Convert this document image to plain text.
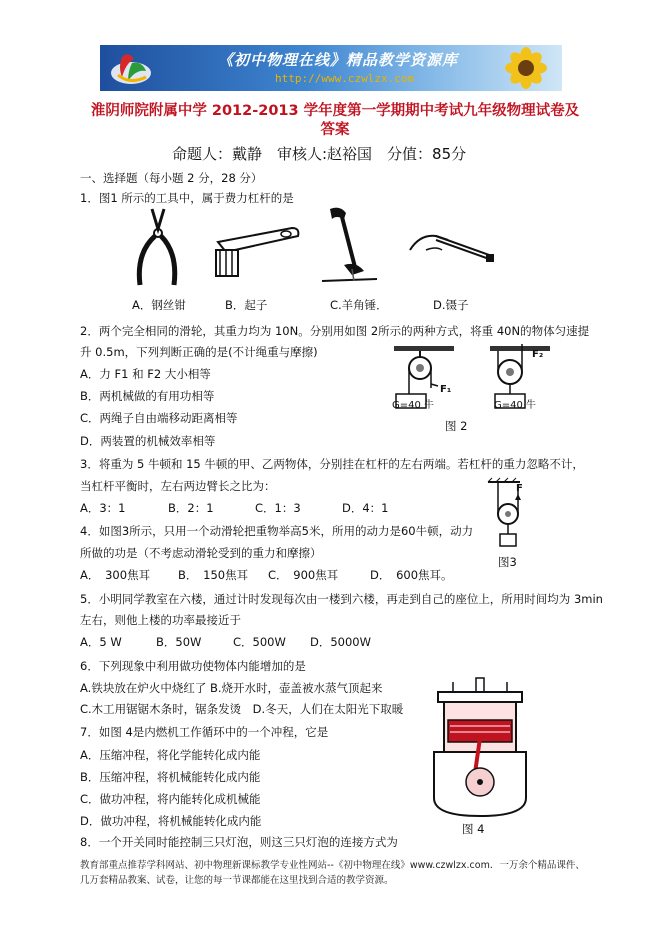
《初中物理在线》精品教学资源库
http://www.czwlzx.com
淮阴师院附属中学 2012-2013 学年度第一学期期中考试九年级物理试卷及
答案
命题人：戴静　审核人:赵裕国　分值：85分
一、选择题（每小题 2 分，28 分）
1．图1 所示的工具中，属于费力杠杆的是
A．钢丝钳	B．起子	C.羊角锤．	D.镊子
2．两个完全相同的滑轮，其重力均为 10N。分别用如图 2所示的两种方式，将重 40N的物体匀速提
升 0.5m，下列判断正确的是(不计绳重与摩擦)
A．力 F1 和 F2 大小相等
B．两机械做的有用功相等
C．两绳子自由端移动距离相等
D．两装置的机械效率相等
G=40 牛	G=40 牛
F₁
F₂
图 2
3．将重为 5 牛顿和 15 牛顿的甲、乙两物体，分别挂在杠杆的左右两端。若杠杆的重力忽略不计，
当杠杆平衡时，左右两边臂长之比为：
A．3：1	B．2：1	C．1：3	D．4：1
F
图3
4．如图3所示，只用一个动滑轮把重物举高5米，所用的动力是60牛顿，动力
所做的功是（不考虑动滑轮受到的重力和摩擦）
A．　300焦耳 B．　150焦耳 C．　900焦耳	D．　600焦耳。
5．小明同学教室在六楼，通过计时发现每次由一楼到六楼，再走到自己的座位上，所用时间均为 3min
左右，则他上楼的功率最接近于
A．5 W	B．50W	C．500W D．5000W
6．下列现象中利用做功使物体内能增加的是
A.铁块放在炉火中烧红了 B.烧开水时，壶盖被水蒸气顶起来
C.木工用锯锯木条时，锯条发烫　D.冬天，人们在太阳光下取暖
7．如图 4是内燃机工作循环中的一个冲程，它是
A．压缩冲程，将化学能转化成内能
B．压缩冲程，将机械能转化成内能
C．做功冲程，将内能转化成机械能
D．做功冲程，将机械能转化成内能
图 4
8．一个开关同时能控制三只灯泡，则这三只灯泡的连接方式为
教育部重点推荐学科网站、初中物理新课标教学专业性网站--《初中物理在线》www.czwlzx.com．一万余个精品课件、
几万套精品教案、试卷，让您的每一节课都能在这里找到合适的教学资源。
